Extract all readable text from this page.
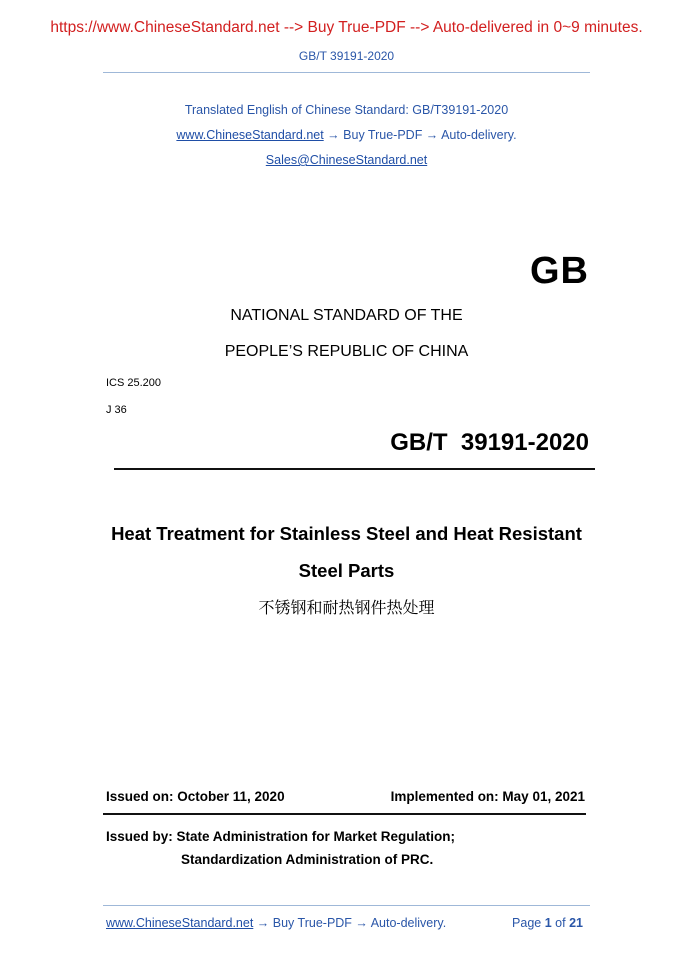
https://www.ChineseStandard.net --> Buy True-PDF --> Auto-delivered in 0~9 minutes.
GB/T 39191-2020
Translated English of Chinese Standard: GB/T39191-2020
www.ChineseStandard.net → Buy True-PDF → Auto-delivery.
Sales@ChineseStandard.net
GB
NATIONAL STANDARD OF THE
PEOPLE’S REPUBLIC OF CHINA
ICS 25.200
J 36
GB/T  39191-2020
Heat Treatment for Stainless Steel and Heat Resistant
Steel Parts
不锈钢和耐热钢件热处理
Issued on: October 11, 2020	Implemented on: May 01, 2021
Issued by: State Administration for Market Regulation;
Standardization Administration of PRC.
www.ChineseStandard.net → Buy True-PDF → Auto-delivery.	Page 1 of 21
